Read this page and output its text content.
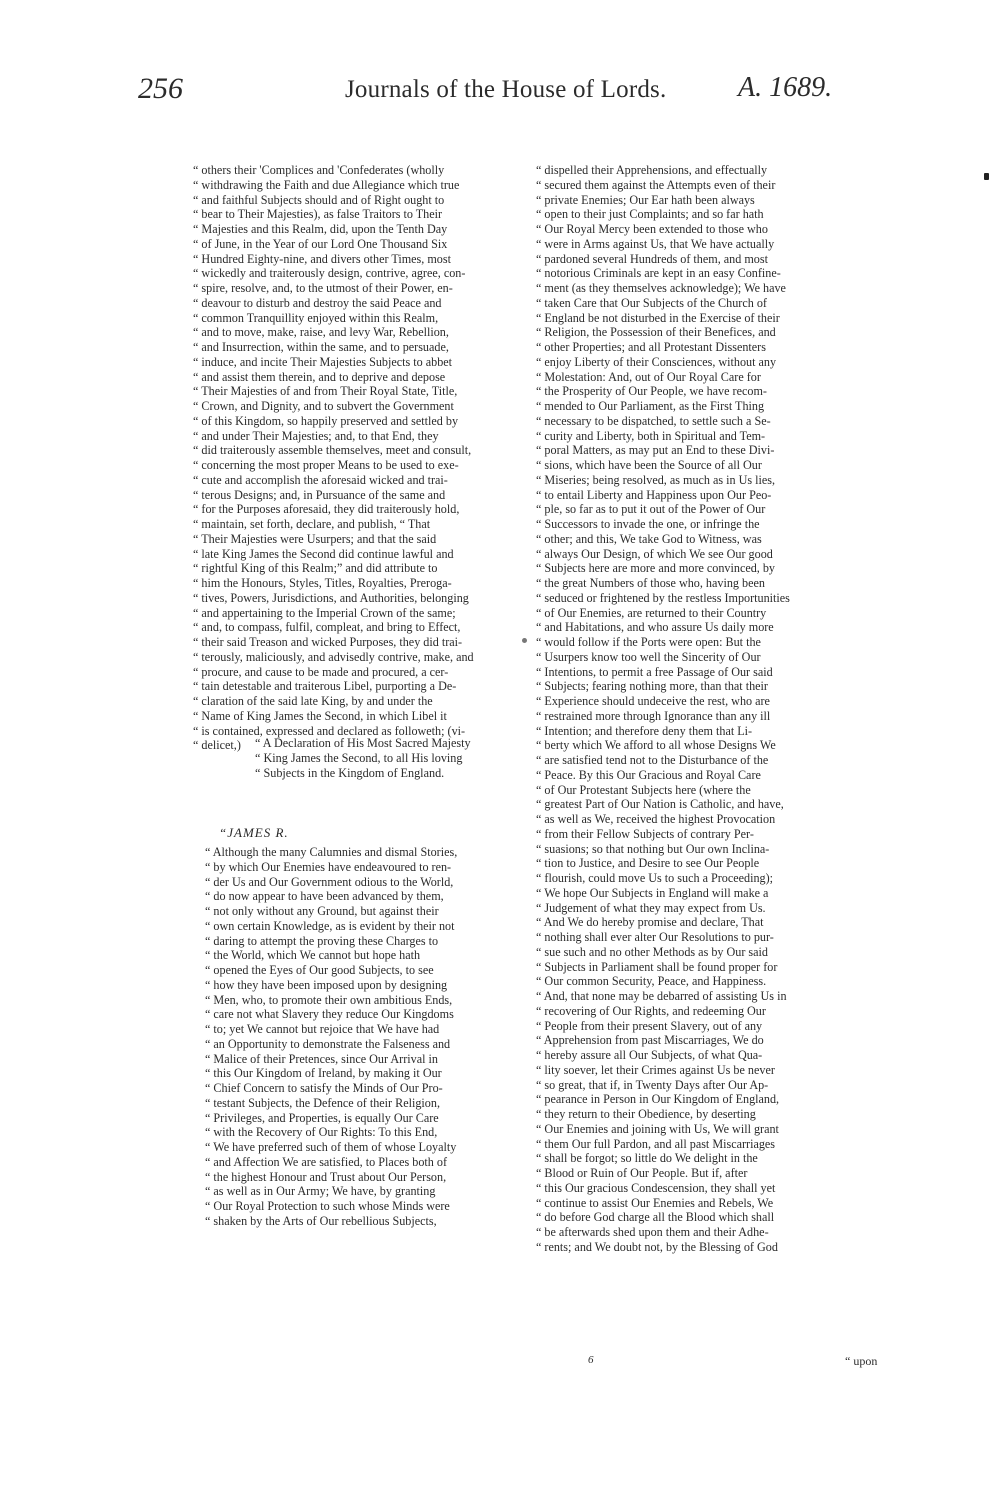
256	Journals of the House of Lords.	A. 1689.
“ others their 'Complices and 'Confederates (wholly
“ withdrawing the Faith and due Allegiance which true
“ and faithful Subjects should and of Right ought to
“ bear to Their Majesties), as false Traitors to Their
“ Majesties and this Realm, did, upon the Tenth Day
“ of June, in the Year of our Lord One Thousand Six
“ Hundred Eighty-nine, and divers other Times, most
“ wickedly and traiterously design, contrive, agree, con-
“ spire, resolve, and, to the utmost of their Power, en-
“ deavour to disturb and destroy the said Peace and
“ common Tranquillity enjoyed within this Realm,
“ and to move, make, raise, and levy War, Rebellion,
“ and Insurrection, within the same, and to persuade,
“ induce, and incite Their Majesties Subjects to abbet
“ and assist them therein, and to deprive and depose
“ Their Majesties of and from Their Royal State, Title,
“ Crown, and Dignity, and to subvert the Government
“ of this Kingdom, so happily preserved and settled by
“ and under Their Majesties; and, to that End, they
“ did traiterously assemble themselves, meet and consult,
“ concerning the most proper Means to be used to exe-
“ cute and accomplish the aforesaid wicked and trai-
“ terous Designs; and, in Pursuance of the same and
“ for the Purposes aforesaid, they did traiterously hold,
“ maintain, set forth, declare, and publish, “ That
“ Their Majesties were Usurpers; and that the said
“ late King James the Second did continue lawful and
“ rightful King of this Realm;” and did attribute to
“ him the Honours, Styles, Titles, Royalties, Preroga-
“ tives, Powers, Jurisdictions, and Authorities, belonging
“ and appertaining to the Imperial Crown of the same;
“ and, to compass, fulfil, compleat, and bring to Effect,
“ their said Treason and wicked Purposes, they did trai-
“ terously, maliciously, and advisedly contrive, make, and
“ procure, and cause to be made and procured, a cer-
“ tain detestable and traiterous Libel, purporting a De-
“ claration of the said late King, by and under the
“ Name of King James the Second, in which Libel it
“ is contained, expressed and declared as followeth; (vi-
“ delicet,)	“ A Declaration of His Most Sacred Majesty
“ King James the Second, to all His loving
“ Subjects in the Kingdom of England.
“JAMES R.
“ Although the many Calumnies and dismal Stories,
“ by which Our Enemies have endeavoured to ren-
“ der Us and Our Government odious to the World,
“ do now appear to have been advanced by them,
“ not only without any Ground, but against their
“ own certain Knowledge, as is evident by their not
“ daring to attempt the proving these Charges to
“ the World, which We cannot but hope hath
“ opened the Eyes of Our good Subjects, to see
“ how they have been imposed upon by designing
“ Men, who, to promote their own ambitious Ends,
“ care not what Slavery they reduce Our Kingdoms
“ to; yet We cannot but rejoice that We have had
“ an Opportunity to demonstrate the Falseness and
“ Malice of their Pretences, since Our Arrival in
“ this Our Kingdom of Ireland, by making it Our
“ Chief Concern to satisfy the Minds of Our Pro-
“ testant Subjects, the Defence of their Religion,
“ Privileges, and Properties, is equally Our Care
“ with the Recovery of Our Rights: To this End,
“ We have preferred such of them of whose Loyalty
“ and Affection We are satisfied, to Places both of
“ the highest Honour and Trust about Our Person,
“ as well as in Our Army; We have, by granting
“ Our Royal Protection to such whose Minds were
“ shaken by the Arts of Our rebellious Subjects,
“ dispelled their Apprehensions, and effectually
“ secured them against the Attempts even of their
“ private Enemies; Our Ear hath been always
“ open to their just Complaints; and so far hath
“ Our Royal Mercy been extended to those who
“ were in Arms against Us, that We have actually
“ pardoned several Hundreds of them, and most
“ notorious Criminals are kept in an easy Confine-
“ ment (as they themselves acknowledge); We have
“ taken Care that Our Subjects of the Church of
“ England be not disturbed in the Exercise of their
“ Religion, the Possession of their Benefices, and
“ other Properties; and all Protestant Dissenters
“ enjoy Liberty of their Consciences, without any
“ Molestation: And, out of Our Royal Care for
“ the Prosperity of Our People, we have recom-
“ mended to Our Parliament, as the First Thing
“ necessary to be dispatched, to settle such a Se-
“ curity and Liberty, both in Spiritual and Tem-
“ poral Matters, as may put an End to these Divi-
“ sions, which have been the Source of all Our
“ Miseries; being resolved, as much as in Us lies,
“ to entail Liberty and Happiness upon Our Peo-
“ ple, so far as to put it out of the Power of Our
“ Successors to invade the one, or infringe the
“ other; and this, We take God to Witness, was
“ always Our Design, of which We see Our good
“ Subjects here are more and more convinced, by
“ the great Numbers of those who, having been
“ seduced or frightened by the restless Importunities
“ of Our Enemies, are returned to their Country
“ and Habitations, and who assure Us daily more
“ would follow if the Ports were open: But the
“ Usurpers know too well the Sincerity of Our
“ Intentions, to permit a free Passage of Our said
“ Subjects; fearing nothing more, than that their
“ Experience should undeceive the rest, who are
“ restrained more through Ignorance than any ill
“ Intention; and therefore deny them that Li-
“ berty which We afford to all whose Designs We
“ are satisfied tend not to the Disturbance of the
“ Peace. By this Our Gracious and Royal Care
“ of Our Protestant Subjects here (where the
“ greatest Part of Our Nation is Catholic, and have,
“ as well as We, received the highest Provocation
“ from their Fellow Subjects of contrary Per-
“ suasions; so that nothing but Our own Inclina-
“ tion to Justice, and Desire to see Our People
“ flourish, could move Us to such a Proceeding);
“ We hope Our Subjects in England will make a
“ Judgement of what they may expect from Us.
“ And We do hereby promise and declare, That
“ nothing shall ever alter Our Resolutions to pur-
“ sue such and no other Methods as by Our said
“ Subjects in Parliament shall be found proper for
“ Our common Security, Peace, and Happiness.
“ And, that none may be debarred of assisting Us in
“ recovering of Our Rights, and redeeming Our
“ People from their present Slavery, out of any
“ Apprehension from past Miscarriages, We do
“ hereby assure all Our Subjects, of what Qua-
“ lity soever, let their Crimes against Us be never
“ so great, that if, in Twenty Days after Our Ap-
“ pearance in Person in Our Kingdom of England,
“ they return to their Obedience, by deserting
“ Our Enemies and joining with Us, We will grant
“ them Our full Pardon, and all past Miscarriages
“ shall be forgot; so little do We delight in the
“ Blood or Ruin of Our People. But if, after
“ this Our gracious Condescension, they shall yet
“ continue to assist Our Enemies and Rebels, We
“ do before God charge all the Blood which shall
“ be afterwards shed upon them and their Adhe-
“ rents; and We doubt not, by the Blessing of God
6	“ upon
